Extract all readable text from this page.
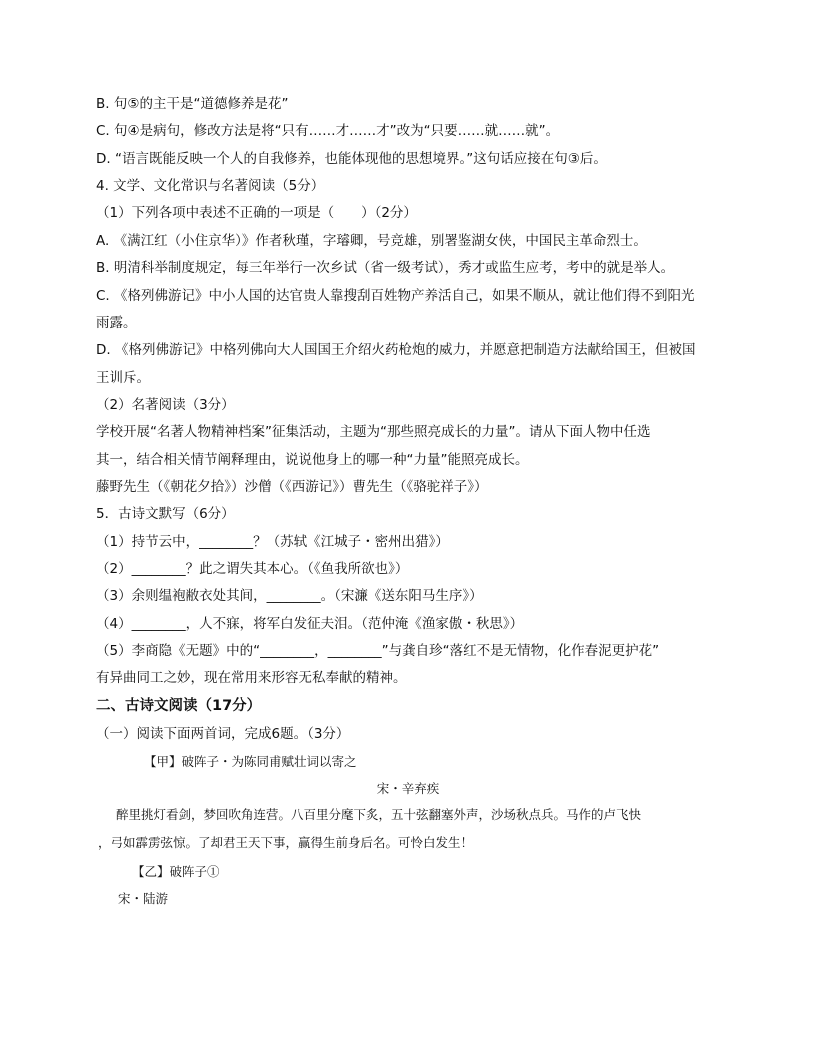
B. 句⑤的主干是“道德修养是花”
C. 句④是病句，修改方法是将“只有……才……才”改为“只要……就……就”。
D. “语言既能反映一个人的自我修养，也能体现他的思想境界。”这句话应接在句③后。
4. 文学、文化常识与名著阅读（5分）
（1）下列各项中表述不正确的一项是（　　）（2分）
A. 《满江红（小住京华）》作者秋瑾，字璿卿，号竞雄，别署鉴湖女侠，中国民主革命烈士。
B. 明清科举制度规定，每三年举行一次乡试（省一级考试），秀才或监生应考，考中的就是举人。
C. 《格列佛游记》中小人国的达官贵人靠搜刮百姓物产养活自己，如果不顺从，就让他们得不到阳光
雨露。
D. 《格列佛游记》中格列佛向大人国国王介绍火药枪炮的威力，并愿意把制造方法献给国王，但被国
王训斥。
（2）名著阅读（3分）
学校开展“名著人物精神档案”征集活动，主题为“那些照亮成长的力量”。请从下面人物中任选
其一，结合相关情节阐释理由，说说他身上的哪一种“力量”能照亮成长。
藤野先生（《朝花夕拾》）沙僧（《西游记》）曹先生（《骆驼祥子》）
5．古诗文默写（6分）
（1）持节云中，________？（苏轼《江城子・密州出猎》）
（2）________？此之谓失其本心。（《鱼我所欲也》）
（3）余则缊袍敝衣处其间，________。（宋濂《送东阳马生序》）
（4）________，人不寐，将军白发征夫泪。（范仲淹《渔家傲・秋思》）
（5）李商隐《无题》中的“________，________”与龚自珍“落红不是无情物，化作春泥更护花”
有异曲同工之妙，现在常用来形容无私奉献的精神。
二、古诗文阅读（17分）
（一）阅读下面两首词，完成6题。（3分）
【甲】破阵子・为陈同甫赋壮词以寄之
宋・辛弃疾
醉里挑灯看剑，梦回吹角连营。八百里分麾下炙，五十弦翻塞外声，沙场秋点兵。马作的卢飞快
，弓如霹雳弦惊。了却君王天下事，赢得生前身后名。可怜白发生！
【乙】破阵子①
宋・陆游
